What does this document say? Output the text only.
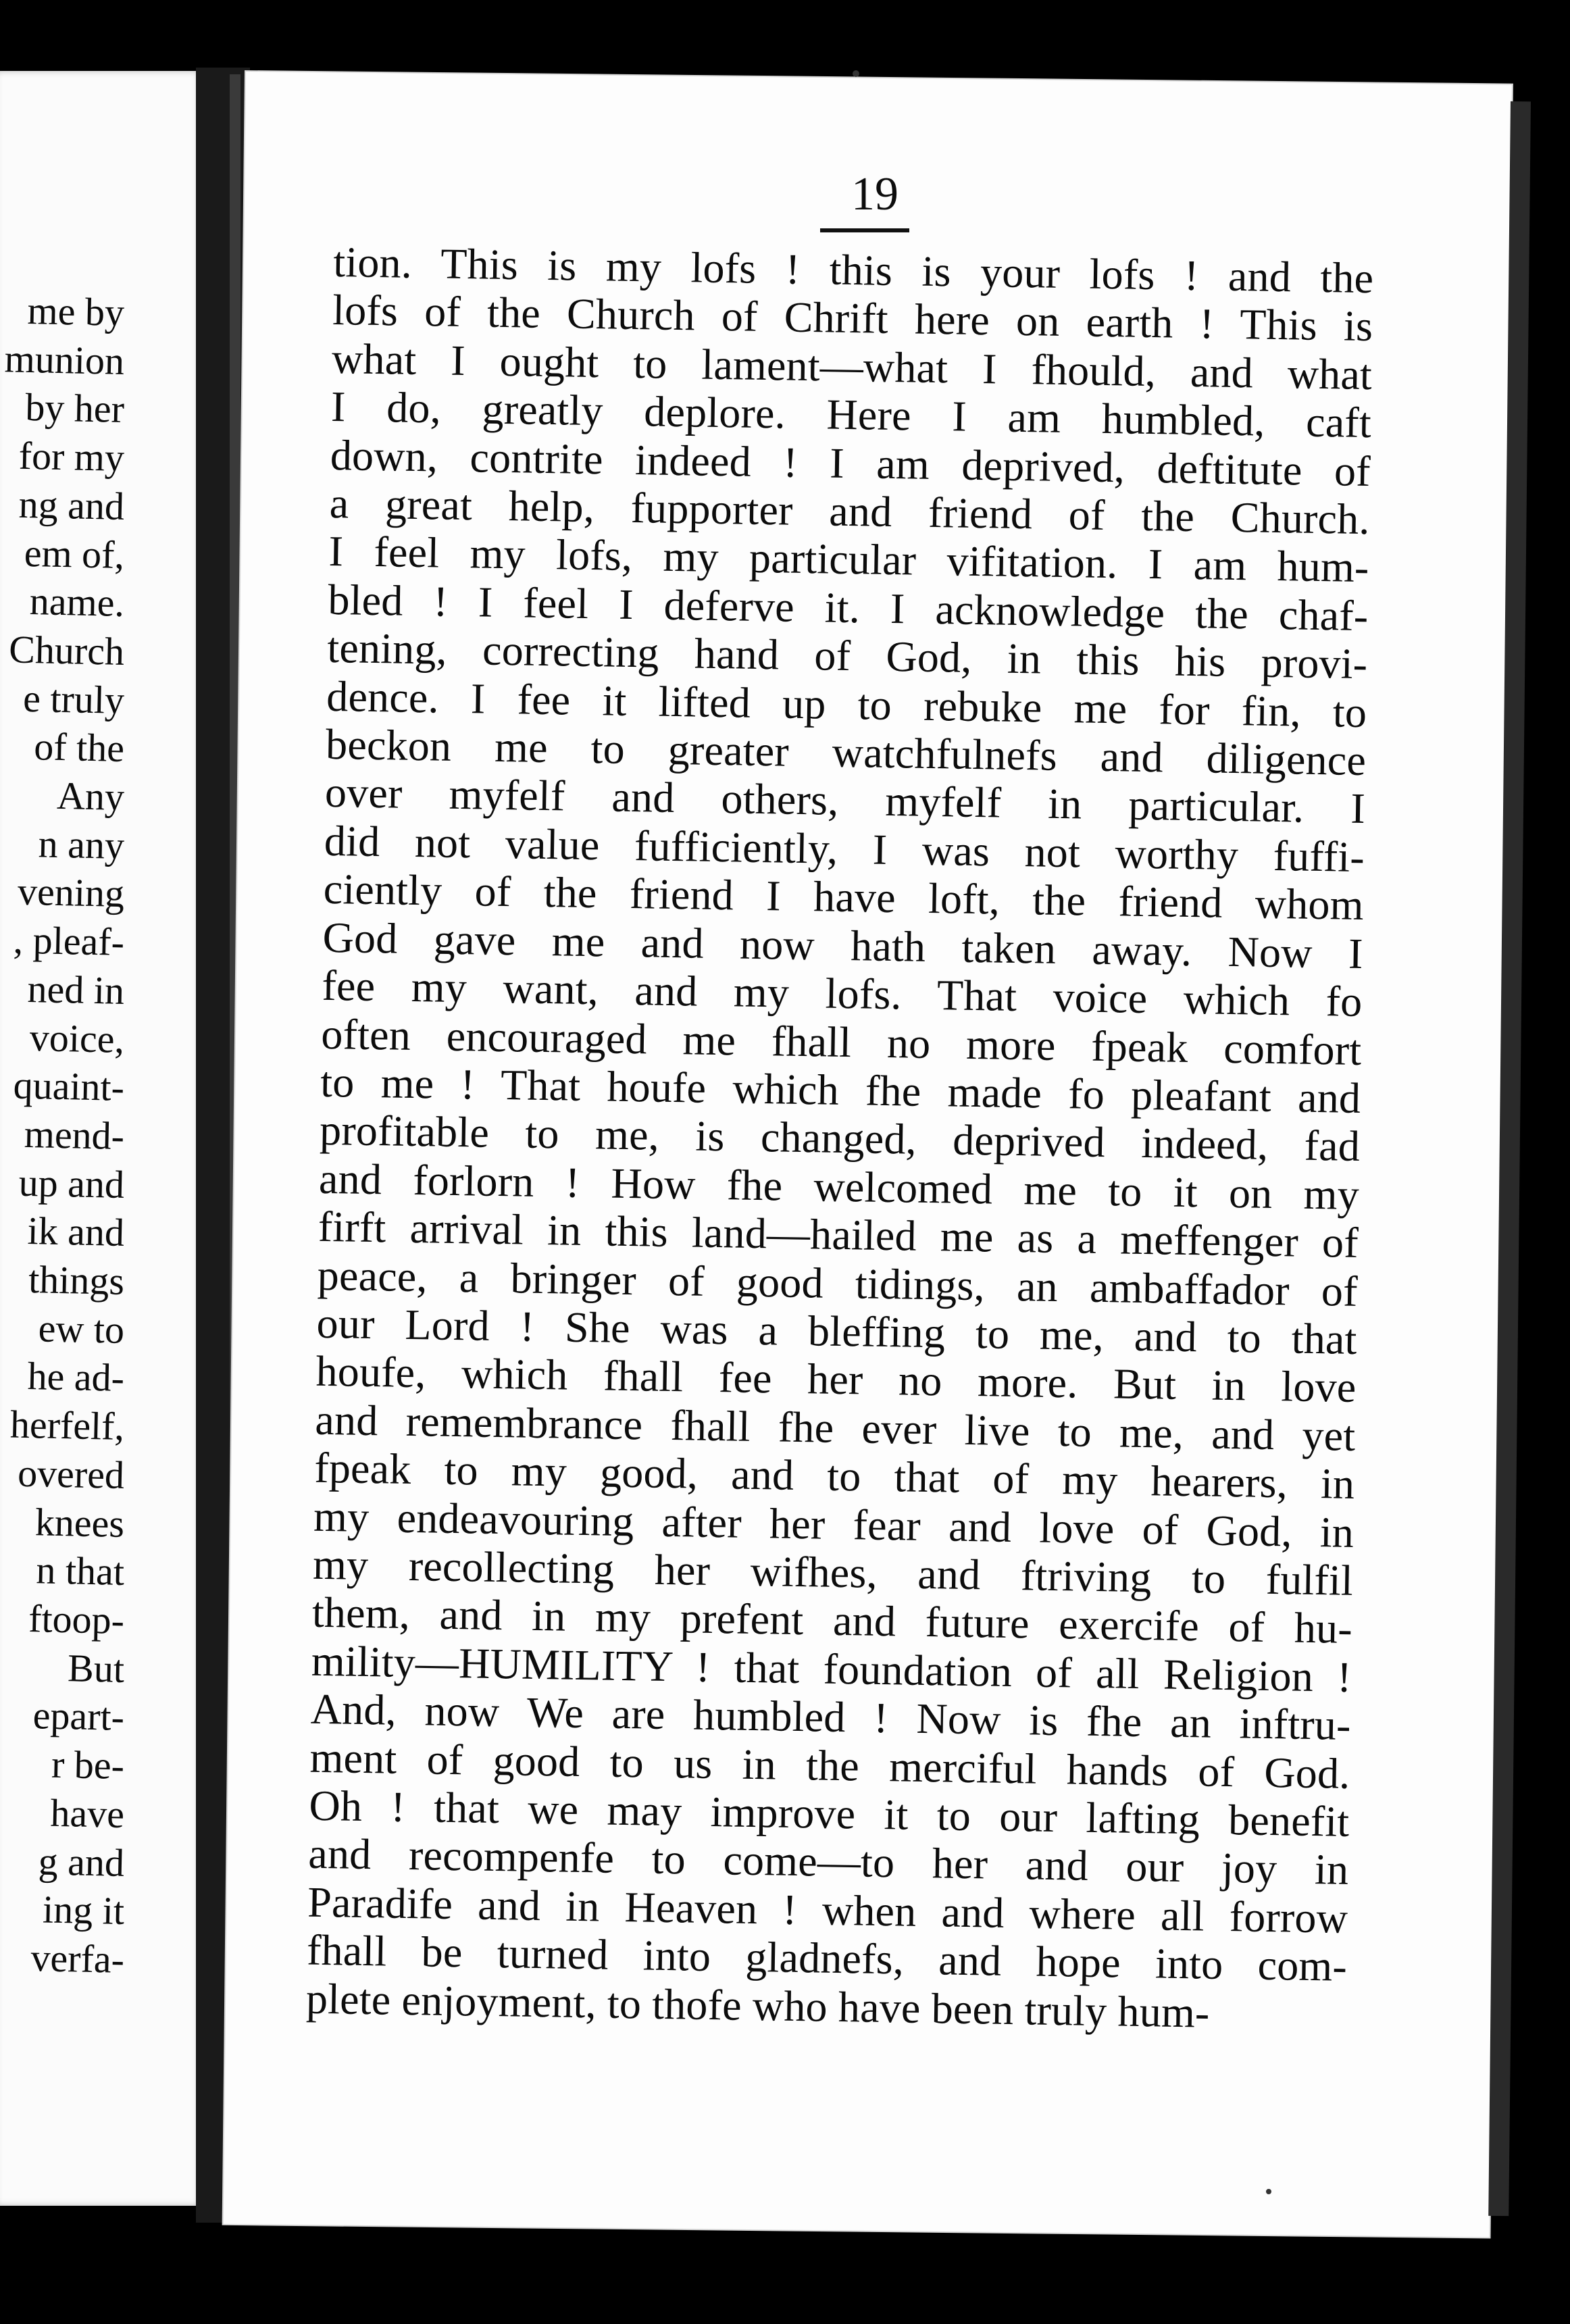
me by
munion
by her
for my
ng and
em of,
name.
Church
e truly
of the
Any
n any
vening
, pleaf-
ned in
voice,
quaint-
mend-
up and
ik and
things
ew to
he ad-
herfelf,
overed
knees
n that
ftoop-
But
epart-
r be-
have
g and
ing it
verfa-
19
tion. This is my lofs ! this is your lofs ! and the
lofs of the Church of Chrift here on earth ! This is
what I ought to lament—what I fhould, and what
I do, greatly deplore. Here I am humbled, caft
down, contrite indeed ! I am deprived, deftitute of
a great help, fupporter and friend of the Church.
I feel my lofs, my particular vifitation. I am hum-
bled ! I feel I deferve it. I acknowledge the chaf-
tening, correcting hand of God, in this his provi-
dence. I fee it lifted up to rebuke me for fin, to
beckon me to greater watchfulnefs and diligence
over myfelf and others, myfelf in particular. I
did not value fufficiently, I was not worthy fuffi-
ciently of the friend I have loft, the friend whom
God gave me and now hath taken away. Now I
fee my want, and my lofs. That voice which fo
often encouraged me fhall no more fpeak comfort
to me ! That houfe which fhe made fo pleafant and
profitable to me, is changed, deprived indeed, fad
and forlorn ! How fhe welcomed me to it on my
firft arrival in this land—hailed me as a meffenger of
peace, a bringer of good tidings, an ambaffador of
our Lord ! She was a bleffing to me, and to that
houfe, which fhall fee her no more. But in love
and remembrance fhall fhe ever live to me, and yet
fpeak to my good, and to that of my hearers, in
my endeavouring after her fear and love of God, in
my recollecting her wifhes, and ftriving to fulfil
them, and in my prefent and future exercife of hu-
mility—HUMILITY ! that foundation of all Religion !
And, now We are humbled ! Now is fhe an inftru-
ment of good to us in the merciful hands of God.
Oh ! that we may improve it to our lafting benefit
and recompenfe to come—to her and our joy in
Paradife and in Heaven ! when and where all forrow
fhall be turned into gladnefs, and hope into com-
plete enjoyment, to thofe who have been truly hum-
